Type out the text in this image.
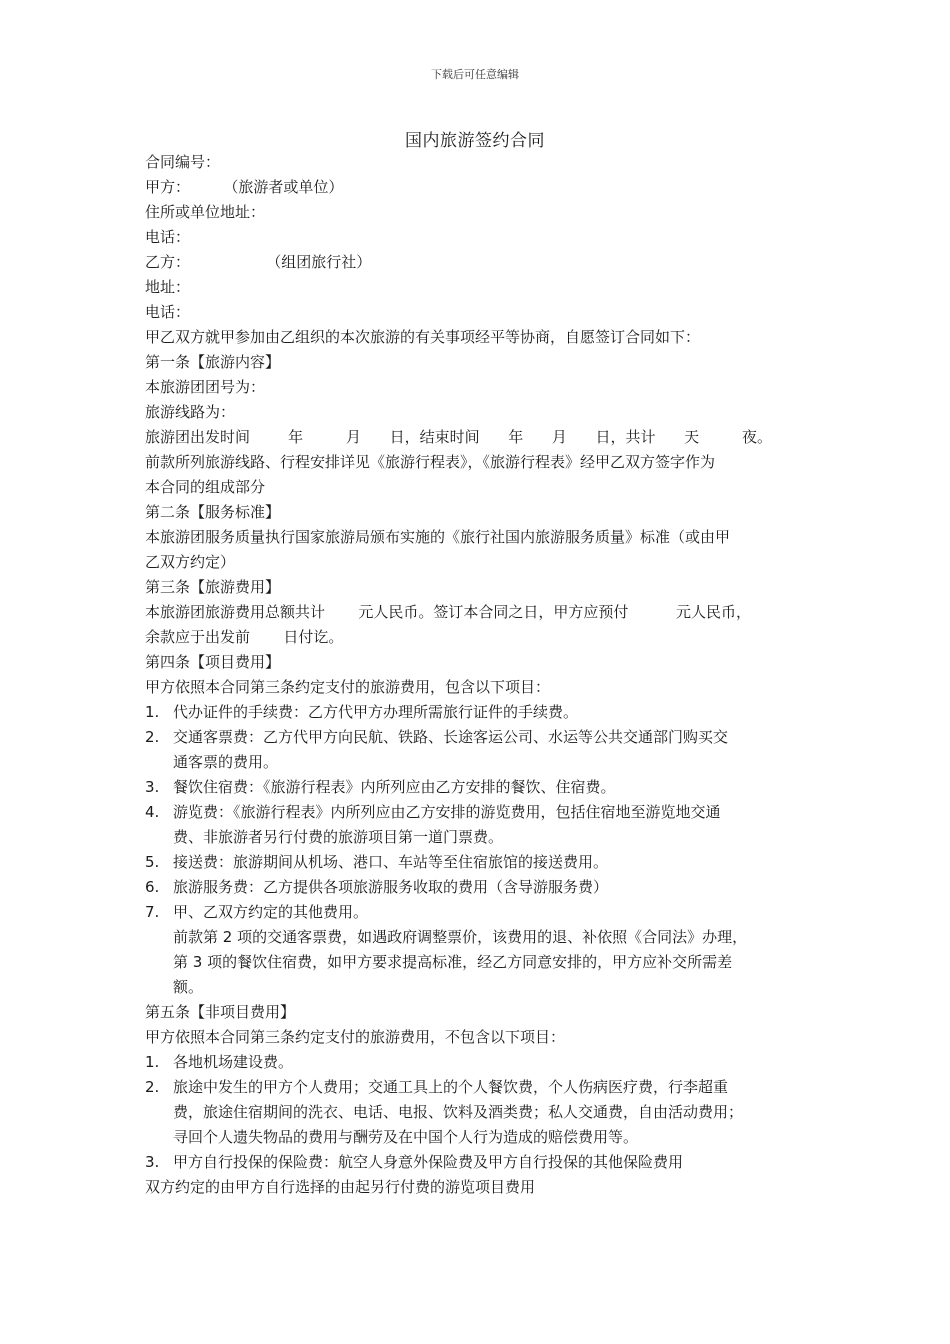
下载后可任意编辑
国内旅游签约合同
合同编号：
甲方：       （旅游者或单位）
住所或单位地址：
电话：
乙方：                （组团旅行社）
地址：
电话：
甲乙双方就甲参加由乙组织的本次旅游的有关事项经平等协商，自愿签订合同如下：
第一条【旅游内容】
本旅游团团号为：
旅游线路为：
旅游团出发时间        年         月      日，结束时间      年      月      日，共计      天         夜。
前款所列旅游线路、行程安排详见《旅游行程表》，《旅游行程表》经甲乙双方签字作为
本合同的组成部分
第二条【服务标准】
本旅游团服务质量执行国家旅游局颁布实施的《旅行社国内旅游服务质量》标准（或由甲
乙双方约定）
第三条【旅游费用】
本旅游团旅游费用总额共计       元人民币。签订本合同之日，甲方应预付          元人民币，
余款应于出发前       日付讫。
第四条【项目费用】
甲方依照本合同第三条约定支付的旅游费用，包含以下项目：
1. 代办证件的手续费：乙方代甲方办理所需旅行证件的手续费。
2. 交通客票费：乙方代甲方向民航、铁路、长途客运公司、水运等公共交通部门购买交
通客票的费用。
3. 餐饮住宿费：《旅游行程表》内所列应由乙方安排的餐饮、住宿费。
4. 游览费：《旅游行程表》内所列应由乙方安排的游览费用，包括住宿地至游览地交通
费、非旅游者另行付费的旅游项目第一道门票费。
5. 接送费：旅游期间从机场、港口、车站等至住宿旅馆的接送费用。
6. 旅游服务费：乙方提供各项旅游服务收取的费用（含导游服务费）
7. 甲、乙双方约定的其他费用。
前款第 2 项的交通客票费，如遇政府调整票价，该费用的退、补依照《合同法》办理，
第 3 项的餐饮住宿费，如甲方要求提高标准，经乙方同意安排的，甲方应补交所需差
额。
第五条【非项目费用】
甲方依照本合同第三条约定支付的旅游费用，不包含以下项目：
1. 各地机场建设费。
2. 旅途中发生的甲方个人费用；交通工具上的个人餐饮费，个人伤病医疗费，行李超重
费，旅途住宿期间的洗衣、电话、电报、饮料及酒类费；私人交通费，自由活动费用；
寻回个人遗失物品的费用与酬劳及在中国个人行为造成的赔偿费用等。
3. 甲方自行投保的保险费：航空人身意外保险费及甲方自行投保的其他保险费用
双方约定的由甲方自行选择的由起另行付费的游览项目费用
